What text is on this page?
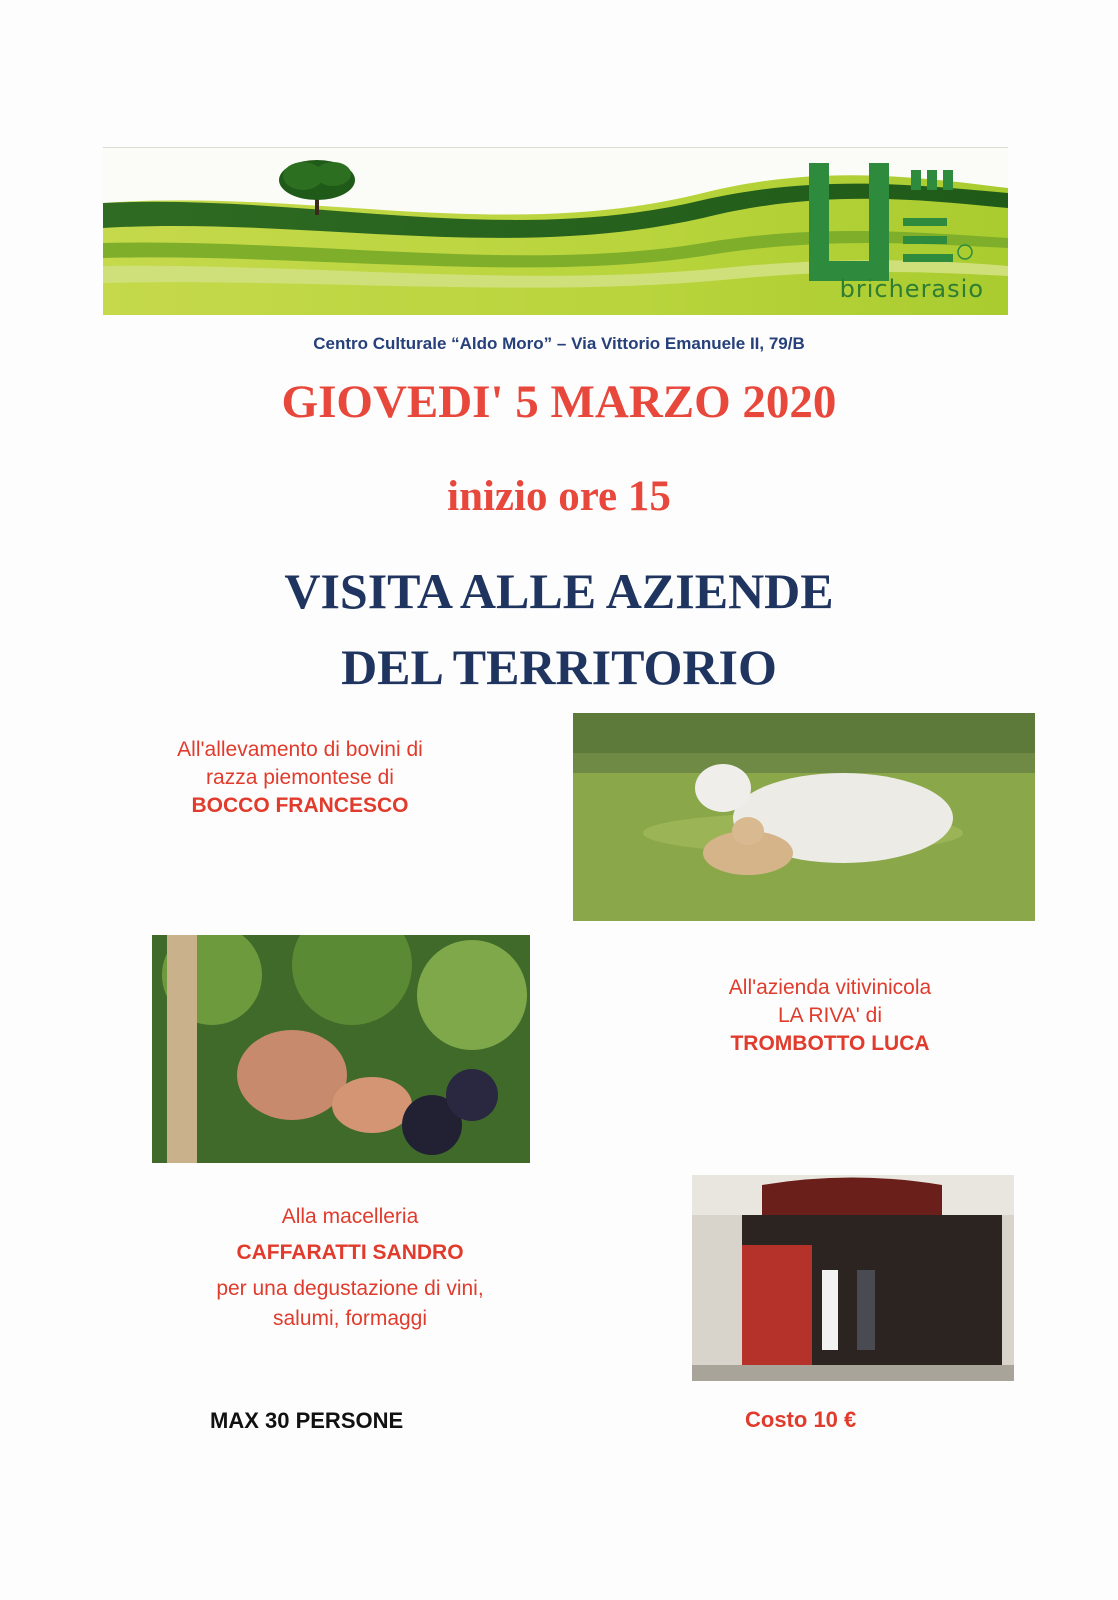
bricherasio
Centro Culturale “Aldo Moro” – Via Vittorio Emanuele II, 79/B
GIOVEDI' 5 MARZO 2020
inizio ore 15
VISITA ALLE AZIENDE
DEL TERRITORIO
All'allevamento di bovini di
razza piemontese di
BOCCO FRANCESCO
All'azienda vitivinicola
LA RIVA' di
TROMBOTTO LUCA
Alla macelleria
CAFFARATTI SANDRO
per una degustazione di vini,
salumi, formaggi
MAX 30 PERSONE	Costo 10 €
